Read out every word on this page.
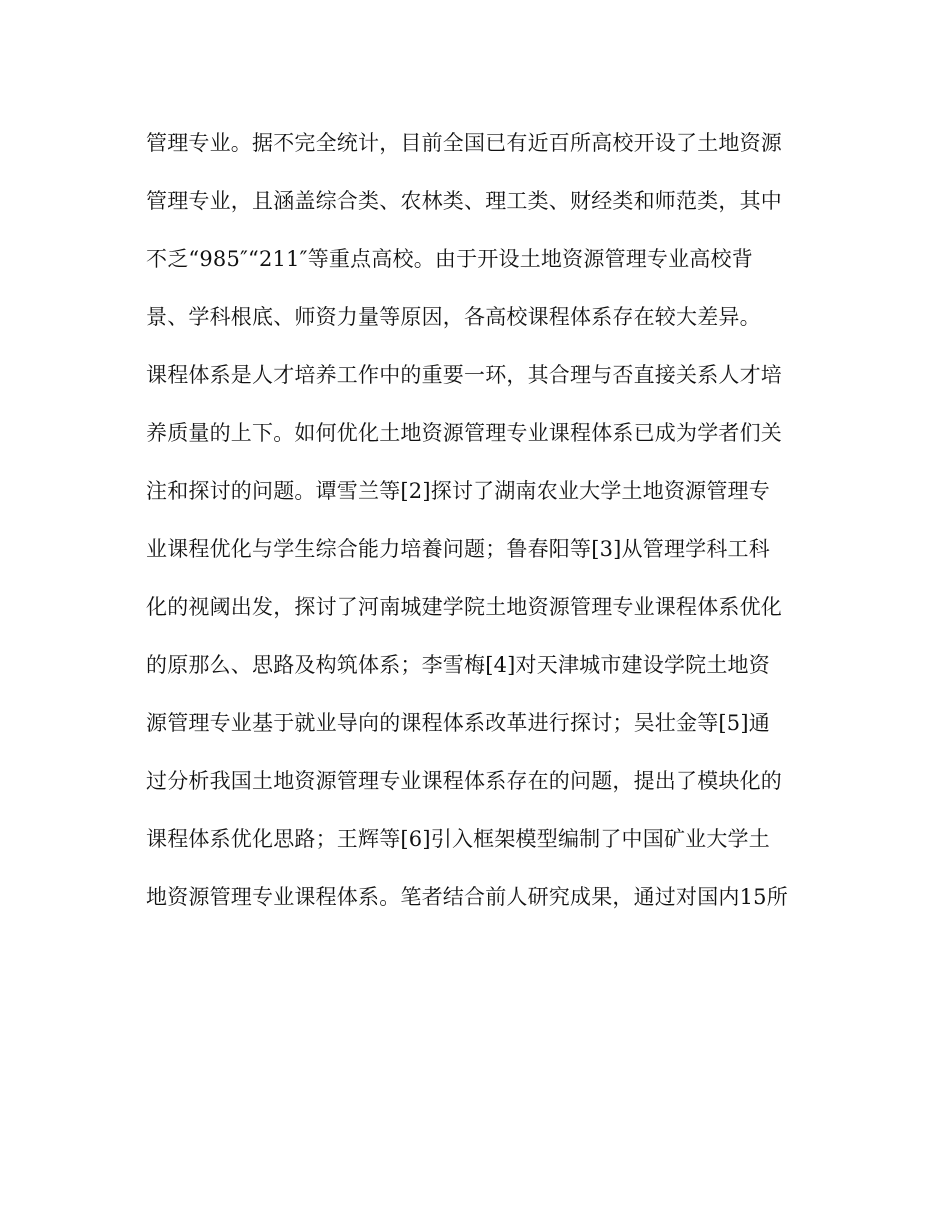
管理专业。据不完全统计，目前全国已有近百所高校开设了土地资源
管理专业，且涵盖综合类、农林类、理工类、财经类和师范类，其中
不乏“985″“211″等重点高校。由于开设土地资源管理专业高校背
景、学科根底、师资力量等原因，各高校课程体系存在较大差异。
课程体系是人才培养工作中的重要一环，其合理与否直接关系人才培
养质量的上下。如何优化土地资源管理专业课程体系已成为学者们关
注和探讨的问题。谭雪兰等[2]探讨了湖南农业大学土地资源管理专
业课程优化与学生综合能力培養问题；鲁春阳等[3]从管理学科工科
化的视阈出发，探讨了河南城建学院土地资源管理专业课程体系优化
的原那么、思路及构筑体系；李雪梅[4]对天津城市建设学院土地资
源管理专业基于就业导向的课程体系改革进行探讨；吴壮金等[5]通
过分析我国土地资源管理专业课程体系存在的问题，提出了模块化的
课程体系优化思路；王辉等[6]引入框架模型编制了中国矿业大学土
地资源管理专业课程体系。笔者结合前人研究成果，通过对国内15所
